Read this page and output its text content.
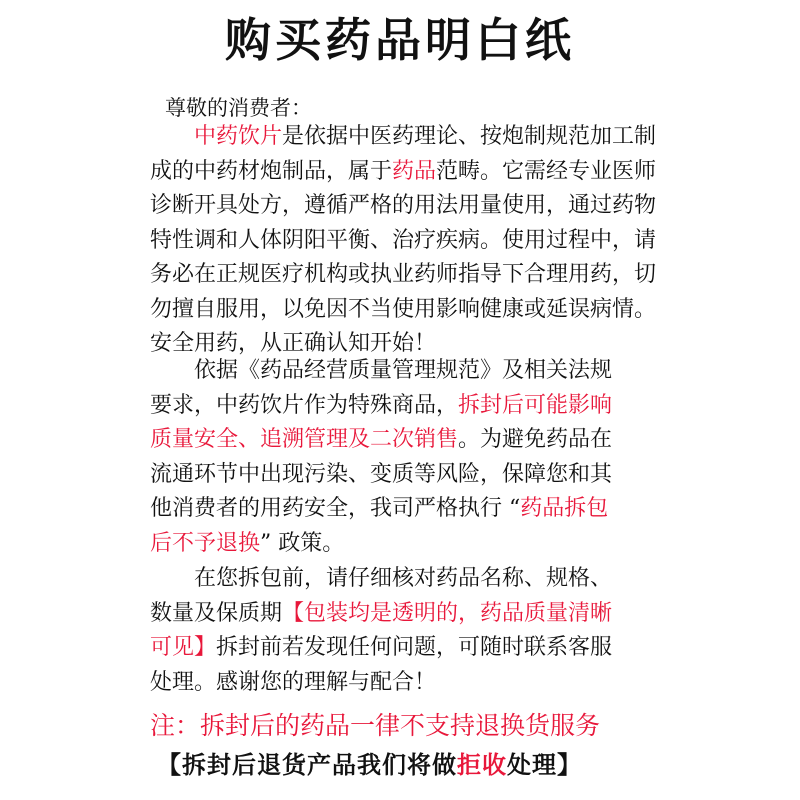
购买药品明白纸
尊敬的消费者：
中药饮片是依据中医药理论、按炮制规范加工制
成的中药材炮制品，属于药品范畴。它需经专业医师
诊断开具处方，遵循严格的用法用量使用，通过药物
特性调和人体阴阳平衡、治疗疾病。使用过程中，请
务必在正规医疗机构或执业药师指导下合理用药，切
勿擅自服用，以免因不当使用影响健康或延误病情。
安全用药，从正确认知开始！
依据《药品经营质量管理规范》及相关法规
要求，中药饮片作为特殊商品，拆封后可能影响
质量安全、追溯管理及二次销售。为避免药品在
流通环节中出现污染、变质等风险，保障您和其
他消费者的用药安全，我司严格执行 “药品拆包
后不予退换” 政策。
在您拆包前，请仔细核对药品名称、规格、
数量及保质期【包装均是透明的，药品质量清晰
可见】拆封前若发现任何问题，可随时联系客服
处理。感谢您的理解与配合！
注：拆封后的药品一律不支持退换货服务
【拆封后退货产品我们将做拒收处理】
